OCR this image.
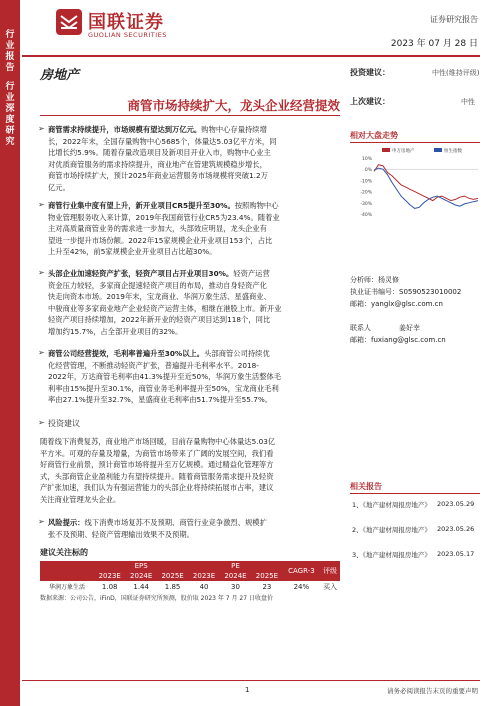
行业报告
行业深度研究
国联证券
GUOLIAN SECURITIES
证券研究报告
2023 年 07 月 28 日
房地产	投资建议：	中性(维持评级)
上次建议：	中性
商管市场持续扩大，龙头企业经营提效
➢ 商管需求持续提升，市场规模有望达到万亿元。购物中心存量持续增
长，2022年末，全国存量购物中心5685个，体量达5.03亿平方米，同
比增长约5.9%。随着存量改造项目及新项目开业入市，购物中心业主
对优质商管服务的需求持续提升，商业地产在管建筑规模稳步增长，
商管市场持续扩大，预计2025年商业运营服务市场规模将突破1.2万
亿元。
➢ 商管行业集中度有望上升，新开业项目CR5提升至30%。按照购物中心
物业管理服务收入来计算，2019年我国商管行业CR5为23.4%。随着业
主对高质量商管业务的需求进一步加大，头部效应明显，龙头企业有
望进一步提升市场份额。2022年15家规模企业开业项目153个，占比
上升至42%，前5家规模企业开业项目占比超30%。
➢ 头部企业加速轻资产扩张，轻资产项目占开业项目30%。轻资产运营
资金压力较轻，多家商企提速轻资产项目的布局，推动自身轻资产化
快走向资本市场。2019年末，宝龙商业、华润万象生活、星盛商业、
中骏商业等多家商业地产企业轻资产运营主体，相继在港股上市。新开业
轻资产项目持续增加，2022年新开业的轻资产项目达到118个，同比
增加约15.7%，占全部开业项目的32%。
➢ 商管公司经营提效，毛利率普遍升至30%以上。头部商管公司持续优
化经营管理，不断推动轻资产扩张，普遍提升毛利率水平。2018-
2022年，万达商管毛利率由41.3%提升至近50%，华润万象生活整体毛
利率由15%提升至30.1%，商管业务毛利率提升至50%，宝龙商业毛利
率由27.1%提升至32.7%，星盛商业毛利率由51.7%提升至55.7%。
➢ 投资建议
随着线下消费复苏，商业地产市场回暖，目前存量购物中心体量达5.03亿
平方米。可观的存量及增量，为商管市场带来了广阔的发展空间，我们看
好商管行业前景，预计商管市场将提升至万亿规模。通过精益化管理等方
式，头部商管企业盈利能力有望持续提升。随着商管服务需求提升及轻资
产扩张加速，我们认为有强运营能力的头部企业将持续拓展市占率，建议
关注商业管理龙头企业。
➢ 风险提示：线下消费市场复苏不及预期、商管行业竞争激烈、规模扩
张不及预期、轻资产管理输出效果不及预期。
相对大盘走势
10%
0%
-10%
-20%
-30%
-40%
申万房地产	恒生指数
分析师：杨灵修
执业证书编号：S0590523010002
邮箱：yanglx@glsc.com.cn
联系人　　　　姜好幸
邮箱：fuxiang@glsc.com.cn
相关报告
1、《地产建材周报房地产》 2023.05.29
2、《地产建材周报房地产》 2023.05.26
3、《地产建材周报房地产》 2023.05.17
建议关注标的
	EPS			PE			CAGR-3	评级
	2023E	2024E	2025E	2023E	2024E	2025E		
华润万象生活	1.08	1.44	1.85	40	30	23	24%	买入
数据来源：公司公告，iFinD，国联证券研究所预测，股价取 2023 年 7 月 27 日收盘价
1	请务必阅读报告末页的重要声明
